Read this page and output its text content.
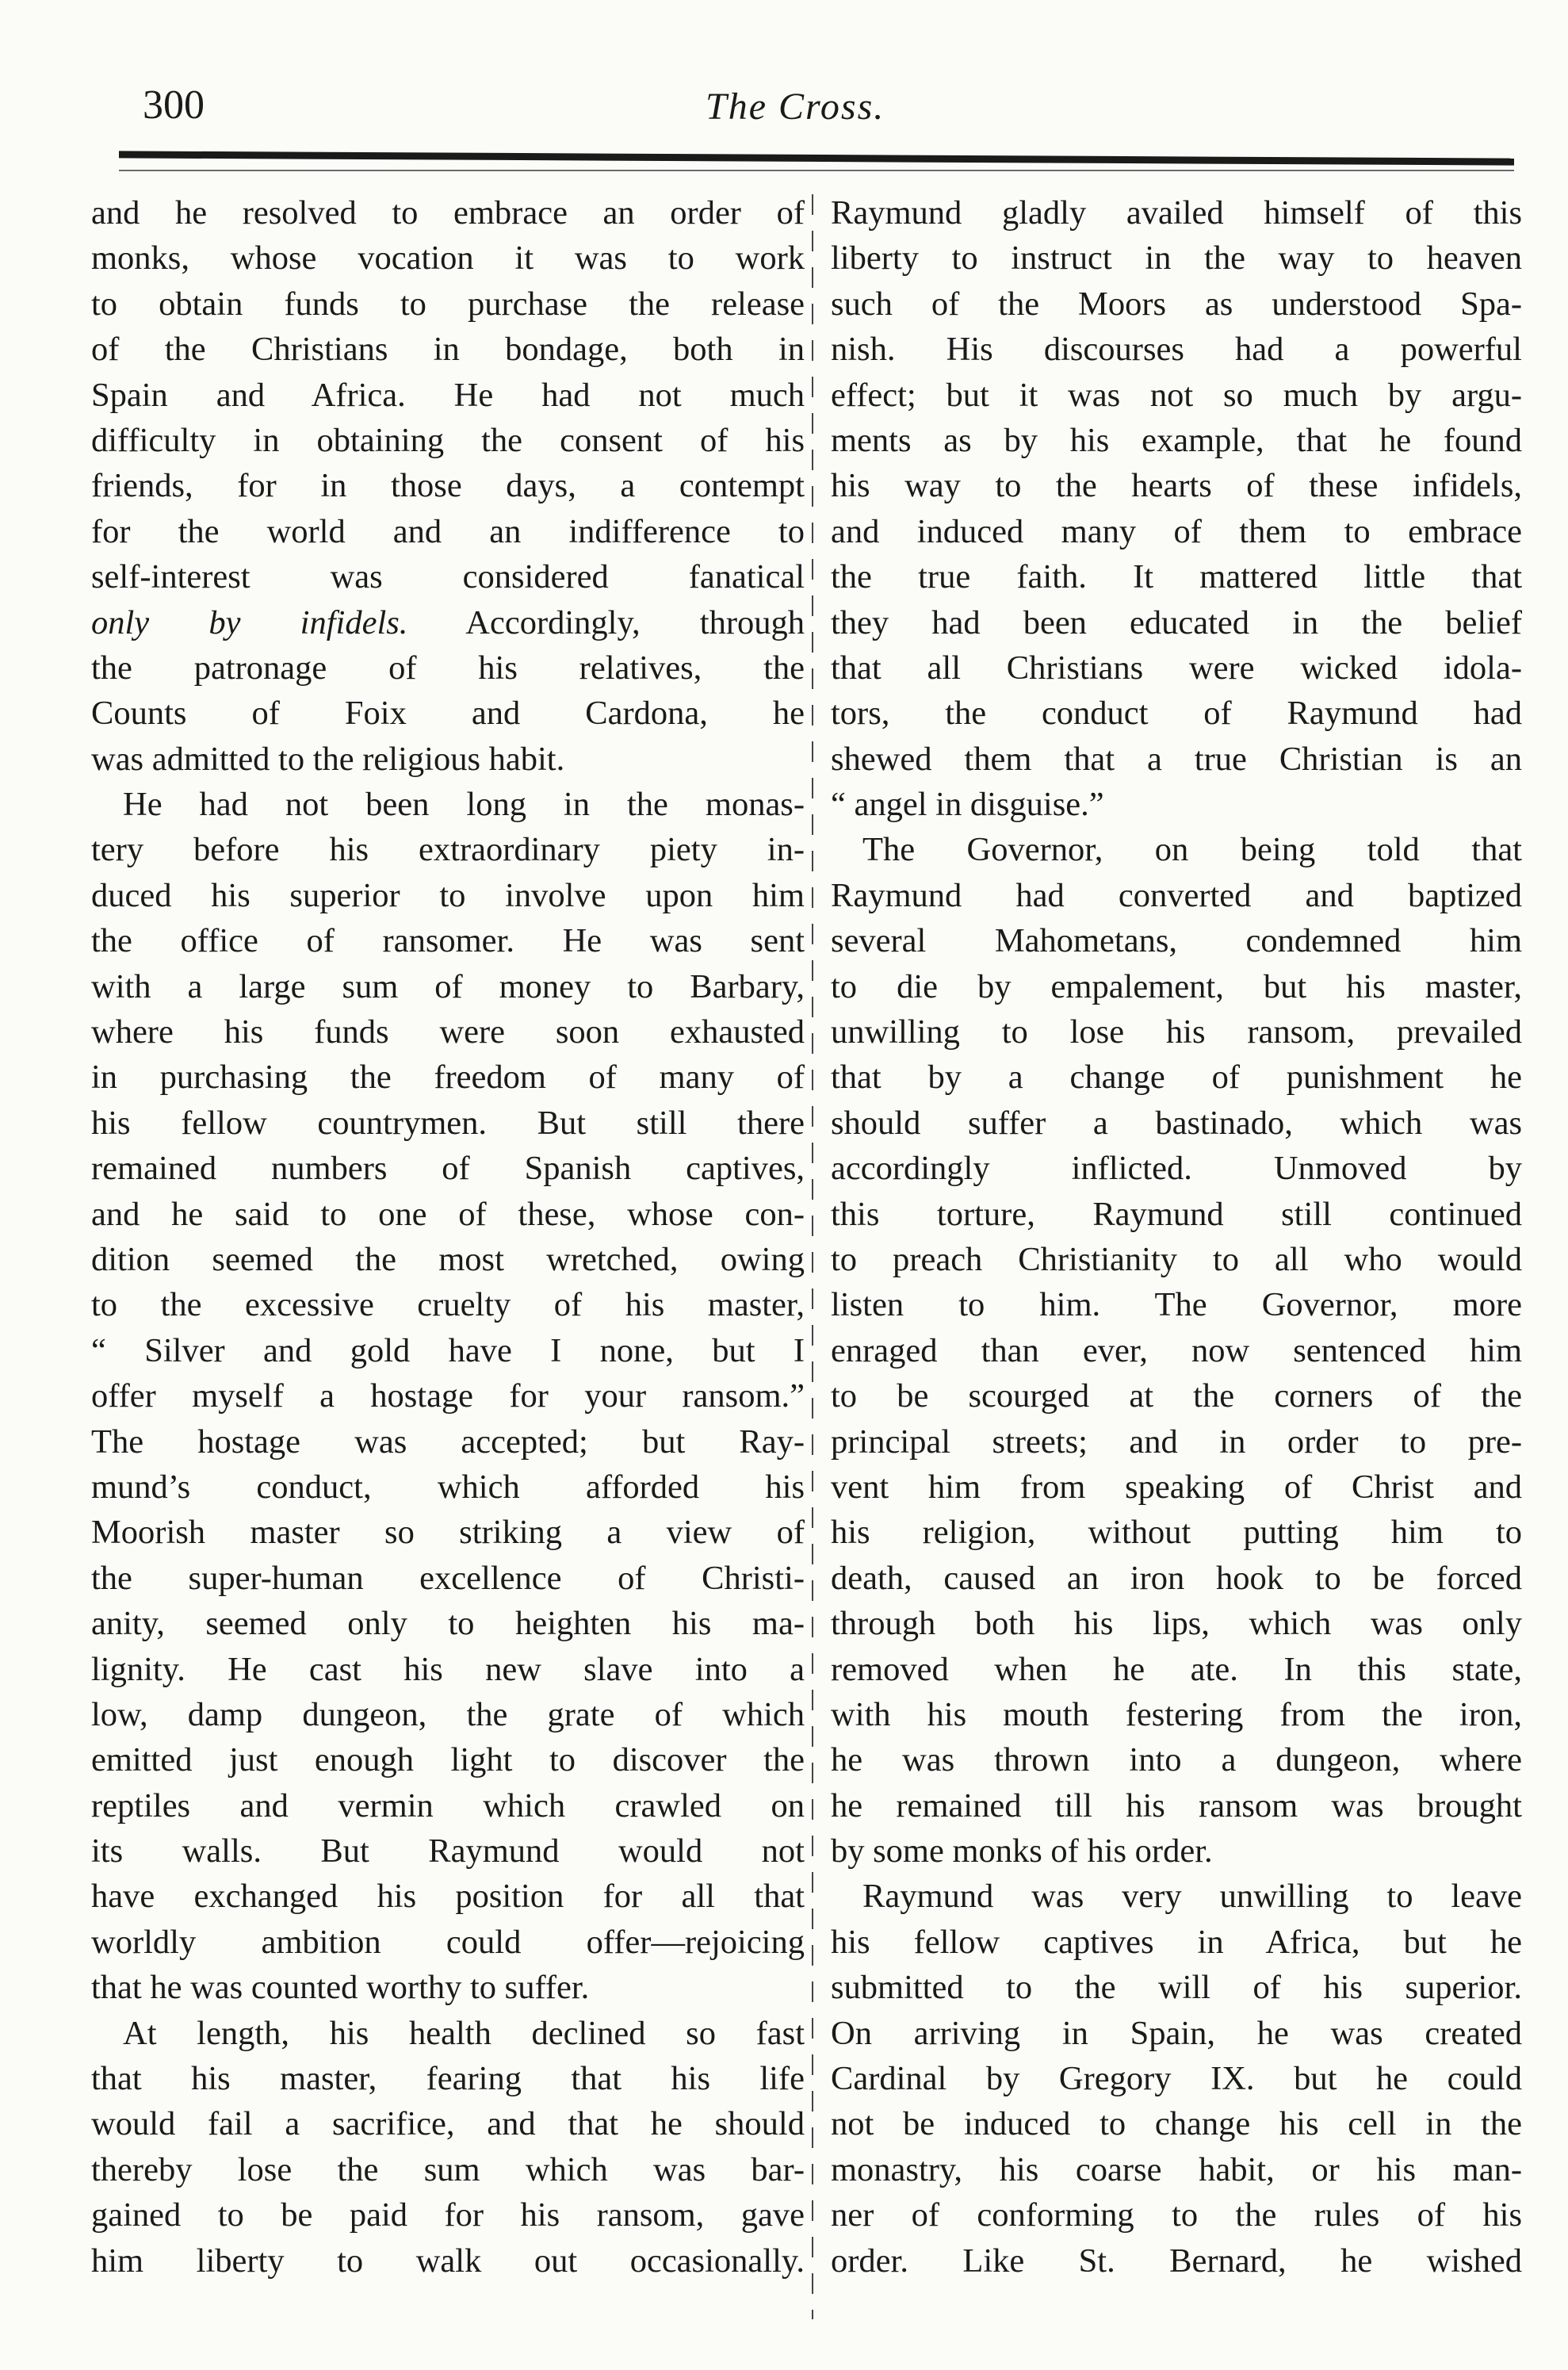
300	The Cross.
and he resolved to embrace an order of
monks, whose vocation it was to work
to obtain funds to purchase the release
of the Christians in bondage, both in
Spain and Africa. He had not much
difficulty in obtaining the consent of his
friends, for in those days, a contempt
for the world and an indifference to
self-interest was considered fanatical
only by infidels. Accordingly, through
the patronage of his relatives, the
Counts of Foix and Cardona, he
was admitted to the religious habit.
He had not been long in the monas-
tery before his extraordinary piety in-
duced his superior to involve upon him
the office of ransomer. He was sent
with a large sum of money to Barbary,
where his funds were soon exhausted
in purchasing the freedom of many of
his fellow countrymen. But still there
remained numbers of Spanish captives,
and he said to one of these, whose con-
dition seemed the most wretched, owing
to the excessive cruelty of his master,
“ Silver and gold have I none, but I
offer myself a hostage for your ransom.”
The hostage was accepted; but Ray-
mund’s conduct, which afforded his
Moorish master so striking a view of
the super-human excellence of Christi-
anity, seemed only to heighten his ma-
lignity. He cast his new slave into a
low, damp dungeon, the grate of which
emitted just enough light to discover the
reptiles and vermin which crawled on
its walls. But Raymund would not
have exchanged his position for all that
worldly ambition could offer—rejoicing
that he was counted worthy to suffer.
At length, his health declined so fast
that his master, fearing that his life
would fail a sacrifice, and that he should
thereby lose the sum which was bar-
gained to be paid for his ransom, gave
him liberty to walk out occasionally.
Raymund gladly availed himself of this
liberty to instruct in the way to heaven
such of the Moors as understood Spa-
nish. His discourses had a powerful
effect; but it was not so much by argu-
ments as by his example, that he found
his way to the hearts of these infidels,
and induced many of them to embrace
the true faith. It mattered little that
they had been educated in the belief
that all Christians were wicked idola-
tors, the conduct of Raymund had
shewed them that a true Christian is an
“ angel in disguise.”
The Governor, on being told that
Raymund had converted and baptized
several Mahometans, condemned him
to die by empalement, but his master,
unwilling to lose his ransom, prevailed
that by a change of punishment he
should suffer a bastinado, which was
accordingly inflicted. Unmoved by
this torture, Raymund still continued
to preach Christianity to all who would
listen to him. The Governor, more
enraged than ever, now sentenced him
to be scourged at the corners of the
principal streets; and in order to pre-
vent him from speaking of Christ and
his religion, without putting him to
death, caused an iron hook to be forced
through both his lips, which was only
removed when he ate. In this state,
with his mouth festering from the iron,
he was thrown into a dungeon, where
he remained till his ransom was brought
by some monks of his order.
Raymund was very unwilling to leave
his fellow captives in Africa, but he
submitted to the will of his superior.
On arriving in Spain, he was created
Cardinal by Gregory IX. but he could
not be induced to change his cell in the
monastry, his coarse habit, or his man-
ner of conforming to the rules of his
order. Like St. Bernard, he wished
